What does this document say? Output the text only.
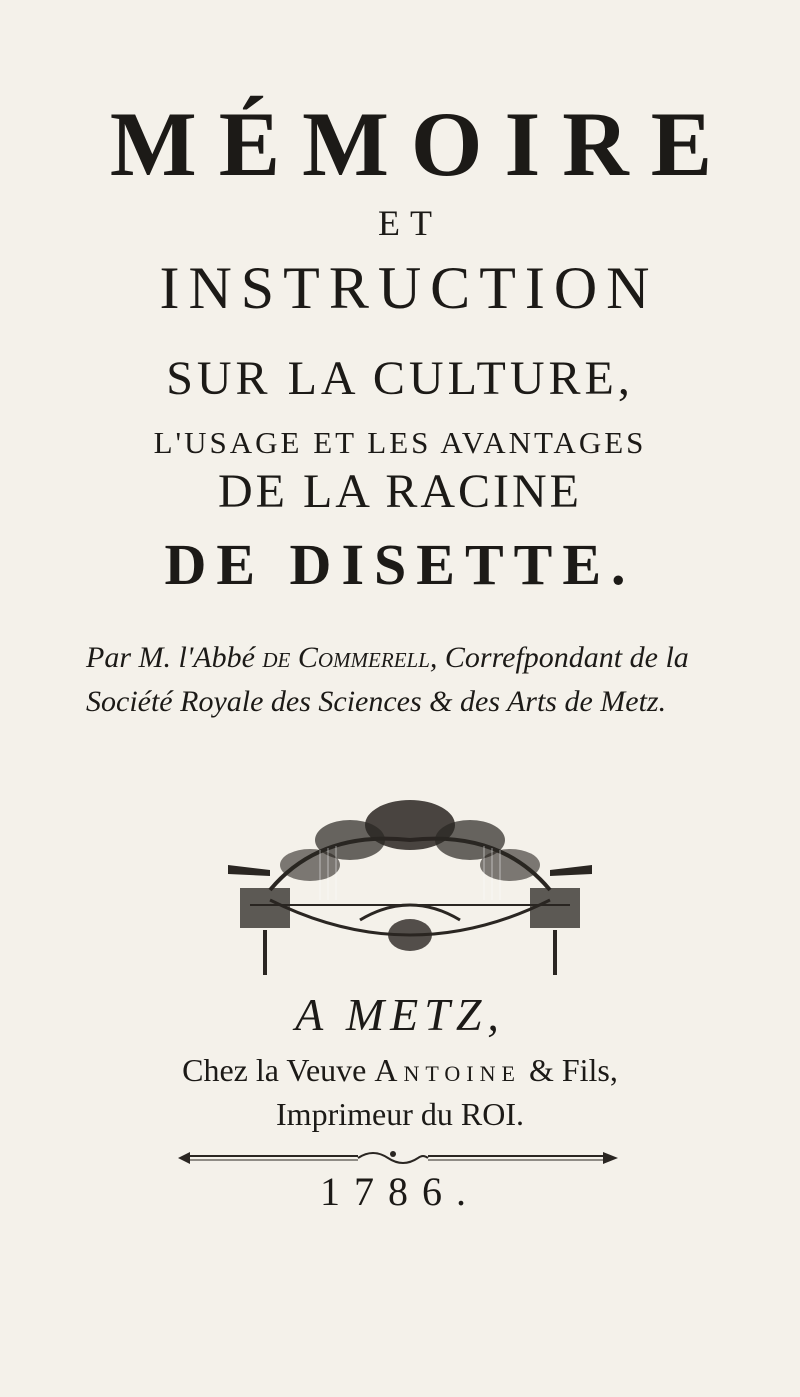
MÉMOIRE
ET
INSTRUCTION
SUR LA CULTURE,
L'USAGE ET LES AVANTAGES
DE LA RACINE
DE DISETTE.
Par M. l'Abbé de Commerell, Correfpondant de la Société Royale des Sciences & des Arts de Metz.
A METZ,
Chez la Veuve Antoine & Fils,
Imprimeur du ROI.
1786.
